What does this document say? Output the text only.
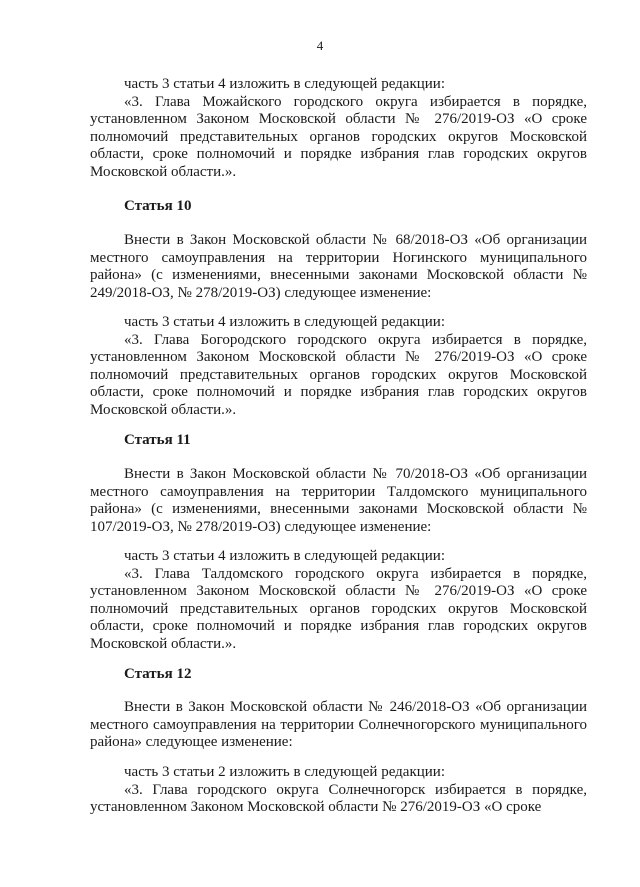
4

часть 3 статьи 4 изложить в следующей редакции:

«3. Глава Можайского городского округа избирается в порядке, установленном Законом Московской области № 276/2019-ОЗ «О сроке полномочий представительных органов городских округов Московской области, сроке полномочий и порядке избрания глав городских округов Московской области.».

Статья 10

Внести в Закон Московской области № 68/2018-ОЗ «Об организации местного самоуправления на территории Ногинского муниципального района» (с изменениями, внесенными законами Московской области № 249/2018-ОЗ, № 278/2019-ОЗ) следующее изменение:

часть 3 статьи 4 изложить в следующей редакции:

«3. Глава Богородского городского округа избирается в порядке, установленном Законом Московской области № 276/2019-ОЗ «О сроке полномочий представительных органов городских округов Московской области, сроке полномочий и порядке избрания глав городских округов Московской области.».

Статья 11

Внести в Закон Московской области № 70/2018-ОЗ «Об организации местного самоуправления на территории Талдомского муниципального района» (с изменениями, внесенными законами Московской области № 107/2019-ОЗ, № 278/2019-ОЗ) следующее изменение:

часть 3 статьи 4 изложить в следующей редакции:

«3. Глава Талдомского городского округа избирается в порядке, установленном Законом Московской области № 276/2019-ОЗ «О сроке полномочий представительных органов городских округов Московской области, сроке полномочий и порядке избрания глав городских округов Московской области.».

Статья 12

Внести в Закон Московской области № 246/2018-ОЗ «Об организации местного самоуправления на территории Солнечногорского муниципального района» следующее изменение:

часть 3 статьи 2 изложить в следующей редакции:

«3. Глава городского округа Солнечногорск избирается в порядке, установленном Законом Московской области № 276/2019-ОЗ «О сроке
